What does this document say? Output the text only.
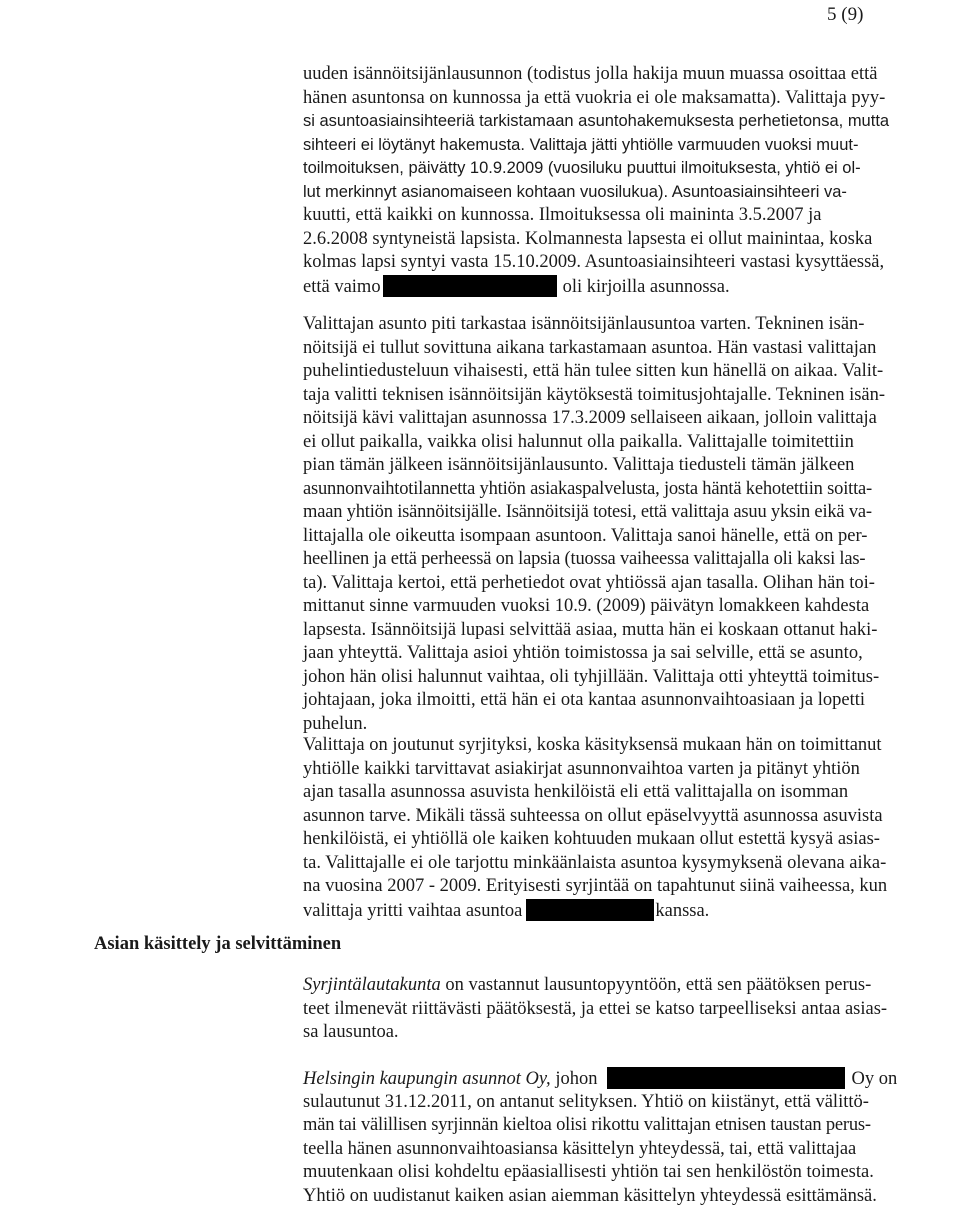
5 (9)
Asian käsittely ja selvittäminen
uuden isännöitsijänlausunnon (todistus jolla hakija muun muassa osoittaa että
hänen asuntonsa on kunnossa ja että vuokria ei ole maksamatta). Valittaja pyy-
si asuntoasiainsihteeriä tarkistamaan asuntohakemuksesta perhetietonsa, mutta
sihteeri ei löytänyt hakemusta. Valittaja jätti yhtiölle varmuuden vuoksi muut-
toilmoituksen, päivätty 10.9.2009 (vuosiluku puuttui ilmoituksesta, yhtiö ei ol-
lut merkinnyt asianomaiseen kohtaan vuosilukua). Asuntoasiainsihteeri va-
kuutti, että kaikki on kunnossa. Ilmoituksessa oli maininta 3.5.2007 ja
2.6.2008 syntyneistä lapsista. Kolmannesta lapsesta ei ollut mainintaa, koska
kolmas lapsi syntyi vasta 15.10.2009. Asuntoasiainsihteeri vastasi kysyttäessä,
että vaimo	oli kirjoilla asunnossa.
Valittajan asunto piti tarkastaa isännöitsijänlausuntoa varten. Tekninen isän-
nöitsijä ei tullut sovittuna aikana tarkastamaan asuntoa. Hän vastasi valittajan
puhelintiedusteluun vihaisesti, että hän tulee sitten kun hänellä on aikaa. Valit-
taja valitti teknisen isännöitsijän käytöksestä toimitusjohtajalle. Tekninen isän-
nöitsijä kävi valittajan asunnossa 17.3.2009 sellaiseen aikaan, jolloin valittaja
ei ollut paikalla, vaikka olisi halunnut olla paikalla. Valittajalle toimitettiin
pian tämän jälkeen isännöitsijänlausunto. Valittaja tiedusteli tämän jälkeen
asunnonvaihtotilannetta yhtiön asiakaspalvelusta, josta häntä kehotettiin soitta-
maan yhtiön isännöitsijälle. Isännöitsijä totesi, että valittaja asuu yksin eikä va-
littajalla ole oikeutta isompaan asuntoon. Valittaja sanoi hänelle, että on per-
heellinen ja että perheessä on lapsia (tuossa vaiheessa valittajalla oli kaksi las-
ta). Valittaja kertoi, että perhetiedot ovat yhtiössä ajan tasalla. Olihan hän toi-
mittanut sinne varmuuden vuoksi 10.9. (2009) päivätyn lomakkeen kahdesta
lapsesta. Isännöitsijä lupasi selvittää asiaa, mutta hän ei koskaan ottanut haki-
jaan yhteyttä. Valittaja asioi yhtiön toimistossa ja sai selville, että se asunto,
johon hän olisi halunnut vaihtaa, oli tyhjillään. Valittaja otti yhteyttä toimitus-
johtajaan, joka ilmoitti, että hän ei ota kantaa asunnonvaihtoasiaan ja lopetti
puhelun.
Valittaja on joutunut syrjityksi, koska käsityksensä mukaan hän on toimittanut
yhtiölle kaikki tarvittavat asiakirjat asunnonvaihtoa varten ja pitänyt yhtiön
ajan tasalla asunnossa asuvista henkilöistä eli että valittajalla on isomman
asunnon tarve. Mikäli tässä suhteessa on ollut epäselvyyttä asunnossa asuvista
henkilöistä, ei yhtiöllä ole kaiken kohtuuden mukaan ollut estettä kysyä asias-
ta. Valittajalle ei ole tarjottu minkäänlaista asuntoa kysymyksenä olevana aika-
na vuosina 2007 - 2009. Erityisesti syrjintää on tapahtunut siinä vaiheessa, kun
valittaja yritti vaihtaa asuntoa	kanssa.
Syrjintälautakunta on vastannut lausuntopyyntöön, että sen päätöksen perus-
teet ilmenevät riittävästi päätöksestä, ja ettei se katso tarpeelliseksi antaa asias-
sa lausuntoa.
Helsingin kaupungin asunnot Oy, johon	Oy on
sulautunut 31.12.2011, on antanut selityksen. Yhtiö on kiistänyt, että välittö-
män tai välillisen syrjinnän kieltoa olisi rikottu valittajan etnisen taustan perus-
teella hänen asunnonvaihtoasiansa käsittelyn yhteydessä, tai, että valittajaa
muutenkaan olisi kohdeltu epäasiallisesti yhtiön tai sen henkilöstön toimesta.
Yhtiö on uudistanut kaiken asian aiemman käsittelyn yhteydessä esittämänsä.
